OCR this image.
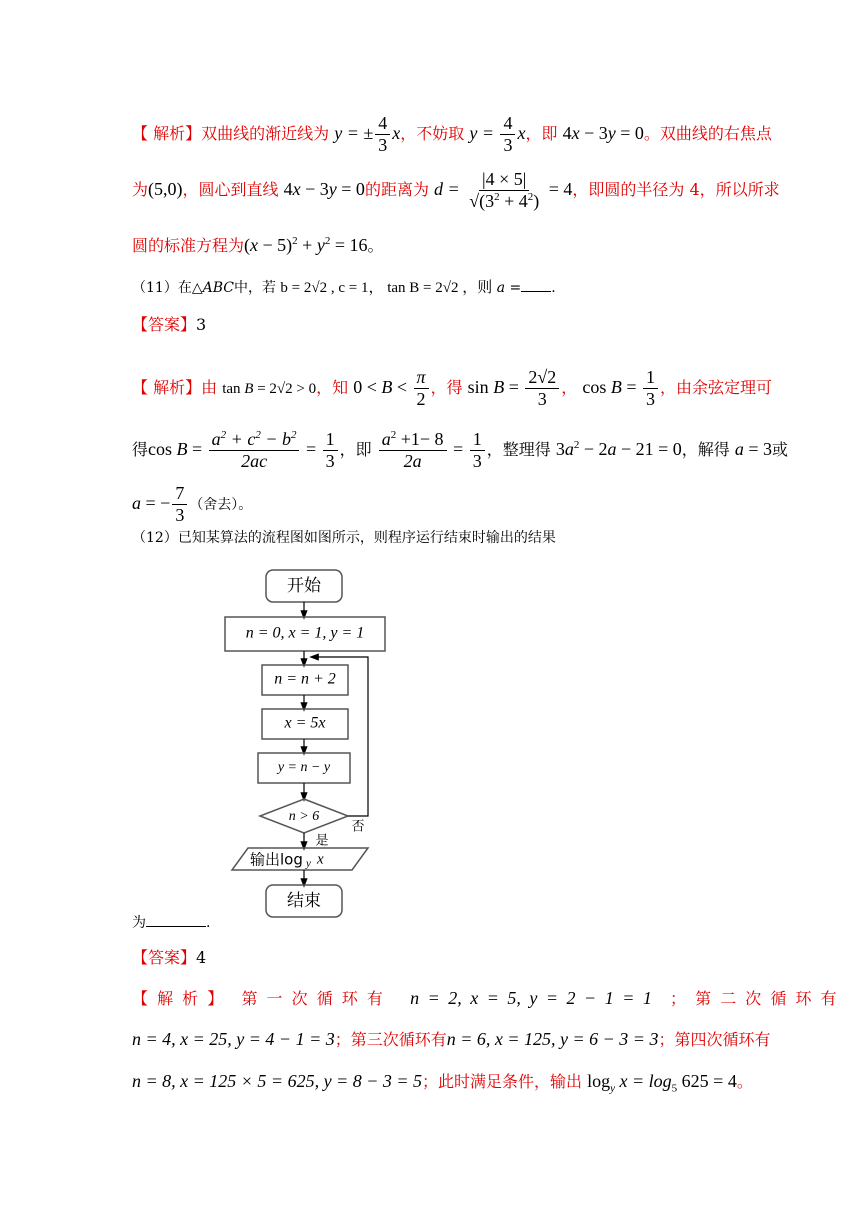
【 解析】双曲线的渐近线为 y = ± $\frac{4}{3}$ x，不妨取 $y = \frac{4}{3}$ x，即 4x − 3y = 0。双曲线的右焦点
为(5,0)，圆心到直线 4x − 3y = 0的距离为 $d = \frac{|4 \times 5|}{√(3^2 + 4^2)} = 4$，即圆的半径为 4，所以所求
圆的标准方程为$(x - 5)^2 + y^2 = 16$。
（11）在△ABC中，若 b = 2√2 , c = 1， tan B = 2√2 ，则 a = .
【答案】3
【 解析】由 tan B = 2√2 > 0，知 $0 < B < \frac{\pi}{2}$ ，得 $\sin B = \frac{2√2}{3}$ ， $\cos B = \frac{1}{3}$ ，由余弦定理可
得$\cos B = \frac{a^2 + c^2 - b^2}{2ac} = \frac{1}{3}$ ，即 $\frac{a^2 +1- 8}{2a} = \frac{1}{3}$ ，整理得 $3a^2 - 2a - 21 = 0$，解得 a = 3或
a = − $\frac{7}{3}$ （舍去）。
（12）已知某算法的流程图如图所示，则程序运行结束时输出的结果
开始
n = 0, x = 1, y = 1
n = n + 2
x = 5x
y = n − y
n > 6
否
是
输出log y x
结束
为	.
【答案】4
【 解 析 】 第 一 次 循 环 有 n = 2, x = 5, y = 2 − 1 = 1 ； 第 二 次 循 环 有
n = 4, x = 25, y = 4 − 1 = 3；第三次循环有n = 6, x = 125, y = 6 − 3 = 3；第四次循环有
n = 8, x = 125 × 5 = 625, y = 8 − 3 = 5；此时满足条件，输出 $\log_y x = \log_5 625 = 4$。
